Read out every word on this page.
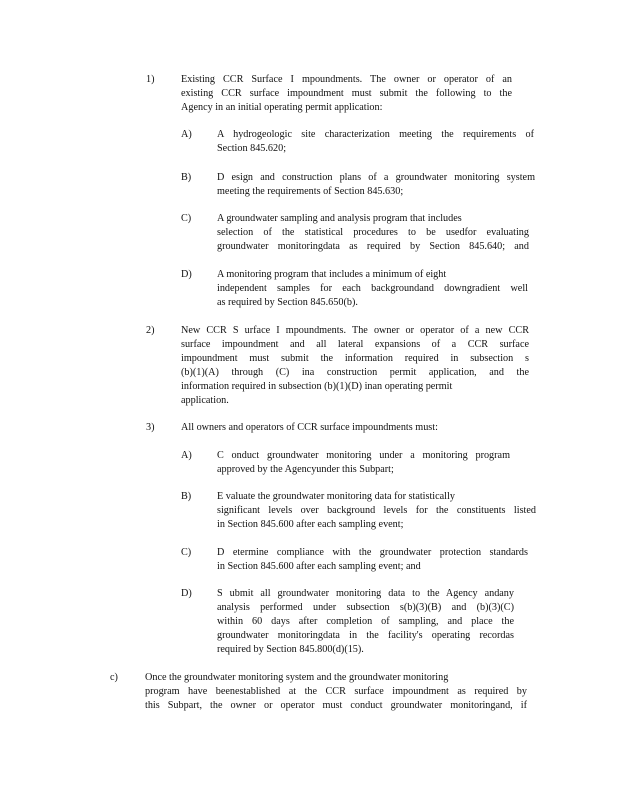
1)	Existing CCR Surface I mpoundments. The owner or operator of an
existing CCR surface impoundment must submit the following to the
Agency in an initial operating permit application:
A) A hydrogeologic site characterization meeting the requirements of
Section 845.620;
B)	D esign and construction plans of a groundwater monitoring system
meeting the requirements of Section 845.630;
C)	A groundwater sampling and analysis program that includes
selection of the statistical procedures to be usedfor evaluating
groundwater monitoringdata as required by Section 845.640; and
D) A monitoring program that includes a minimum of eight
independent samples for each backgroundand downgradient well
as required by Section 845.650(b).
2)	New CCR S urface I mpoundments. The owner or operator of a new CCR
surface impoundment and all lateral expansions of a CCR surface
impoundment must submit the information required in subsection s
(b)(1)(A) through (C) ina construction permit application, and the
information required in subsection (b)(1)(D) inan operating permit
application.
3)	All owners and operators of CCR surface impoundments must:
A) C onduct groundwater monitoring under a monitoring program
approved by the Agencyunder this Subpart;
B)	E valuate the groundwater monitoring data for statistically
significant levels over background levels for the constituents listed
in Section 845.600 after each sampling event;
C)	D etermine compliance with the groundwater protection standards
in Section 845.600 after each sampling event; and
D) S ubmit all groundwater monitoring data to the Agency andany
analysis performed under subsection s(b)(3)(B) and (b)(3)(C)
within 60 days after completion of sampling, and place the
groundwater monitoringdata in the facility's operating recordas
required by Section 845.800(d)(15).
c)	Once the groundwater monitoring system and the groundwater monitoring
program have beenestablished at the CCR surface impoundment as required by
this Subpart, the owner or operator must conduct groundwater monitoringand, if
